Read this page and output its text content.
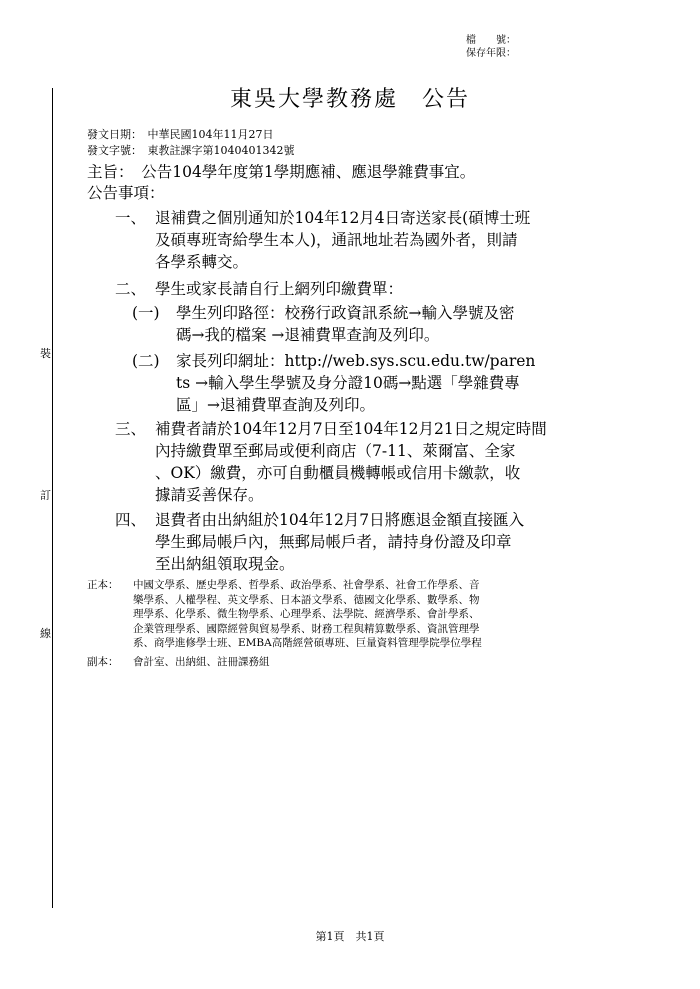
檔　　號：
保存年限：
裝
訂
線
東吳大學教務處　公告
發文日期：　中華民國104年11月27日
發文字號：　東教註課字第1040401342號
主旨：　公告104學年度第1學期應補、應退學雜費事宜。
公告事項：
一、 退補費之個別通知於104年12月4日寄送家長(碩博士班
及碩專班寄給學生本人)，通訊地址若為國外者，則請
各學系轉交。
二、 學生或家長請自行上網列印繳費單：
(一) 學生列印路徑：校務行政資訊系統→輸入學號及密
碼→我的檔案 →退補費單查詢及列印。
(二) 家長列印網址：http://web.sys.scu.edu.tw/paren
ts →輸入學生學號及身分證10碼→點選「學雜費專
區」→退補費單查詢及列印。
三、 補費者請於104年12月7日至104年12月21日之規定時間
內持繳費單至郵局或便利商店（7-11、萊爾富、全家
、OK）繳費，亦可自動櫃員機轉帳或信用卡繳款，收
據請妥善保存。
四、 退費者由出納組於104年12月7日將應退金額直接匯入
學生郵局帳戶內，無郵局帳戶者，請持身份證及印章
至出納組領取現金。
正本： 中國文學系、歷史學系、哲學系、政治學系、社會學系、社會工作學系、音
樂學系、人權學程、英文學系、日本語文學系、德國文化學系、數學系、物
理學系、化學系、微生物學系、心理學系、法學院、經濟學系、會計學系、
企業管理學系、國際經營與貿易學系、財務工程與精算數學系、資訊管理學
系、商學進修學士班、EMBA高階經營碩專班、巨量資料管理學院學位學程
副本： 會計室、出納組、註冊課務組
第1頁　共1頁
